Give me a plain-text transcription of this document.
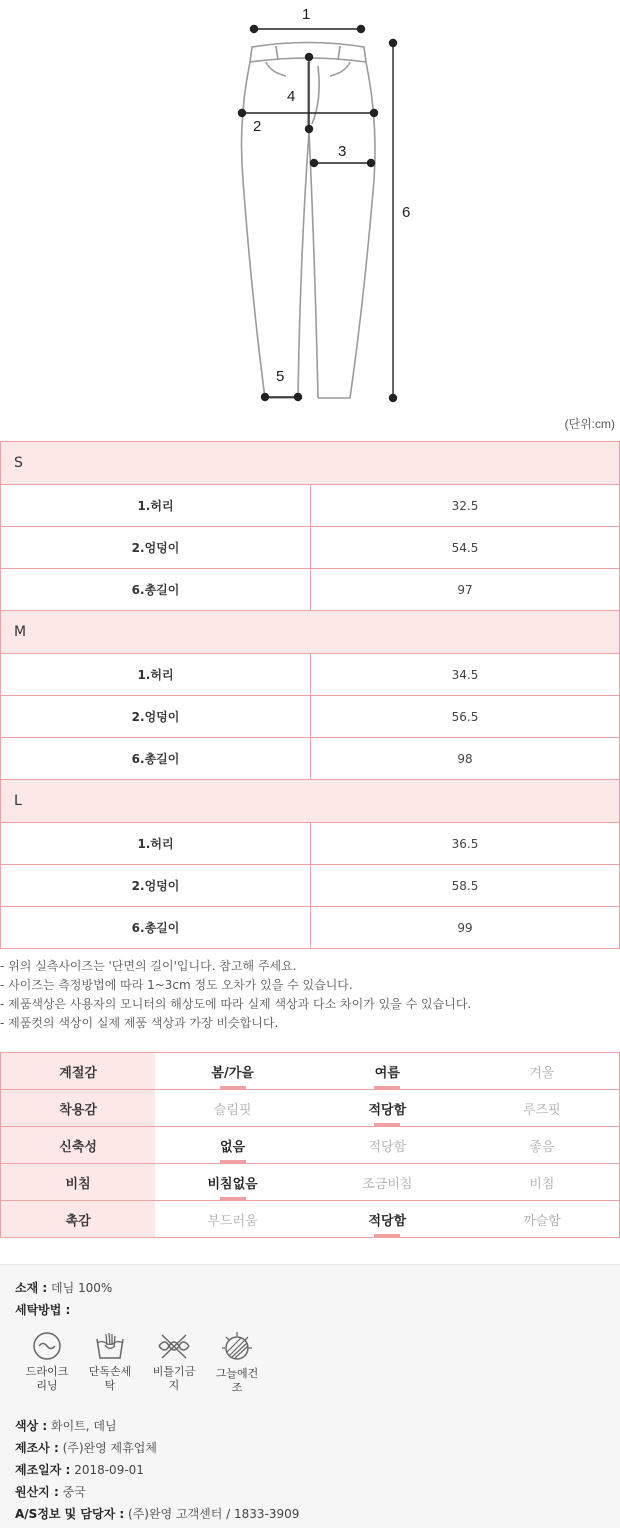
1
2
3
4
5
6
(단위:cm)
S	
1.허리	32.5
2.엉덩이	54.5
6.총길이	97
M	
1.허리	34.5
2.엉덩이	56.5
6.총길이	98
L	
1.허리	36.5
2.엉덩이	58.5
6.총길이	99
- 위의 실측사이즈는 '단면의 길이'입니다. 참고해 주세요.
- 사이즈는 측정방법에 따라 1~3cm 정도 오차가 있을 수 있습니다.
- 제품색상은 사용자의 모니터의 해상도에 따라 실제 색상과 다소 차이가 있을 수 있습니다.
- 제품컷의 색상이 실제 제품 색상과 가장 비슷합니다.
계절감	봄/가을	여름	겨울
착용감	슬림핏	적당함	루즈핏
신축성	없음	적당함	좋음
비침	비침없음	조금비침	비침
촉감	부드러움	적당함	까슬함
소재 : 데님 100%
세탁방법 :
드라이크
리닝
단독손세
탁
비틀기금
지
그늘에건
조
색상 : 화이트, 데님
제조사 : (주)완영 제휴업체
제조일자 : 2018-09-01
원산지 : 중국
A/S정보 및 담당자 : (주)완영 고객센터 / 1833-3909
